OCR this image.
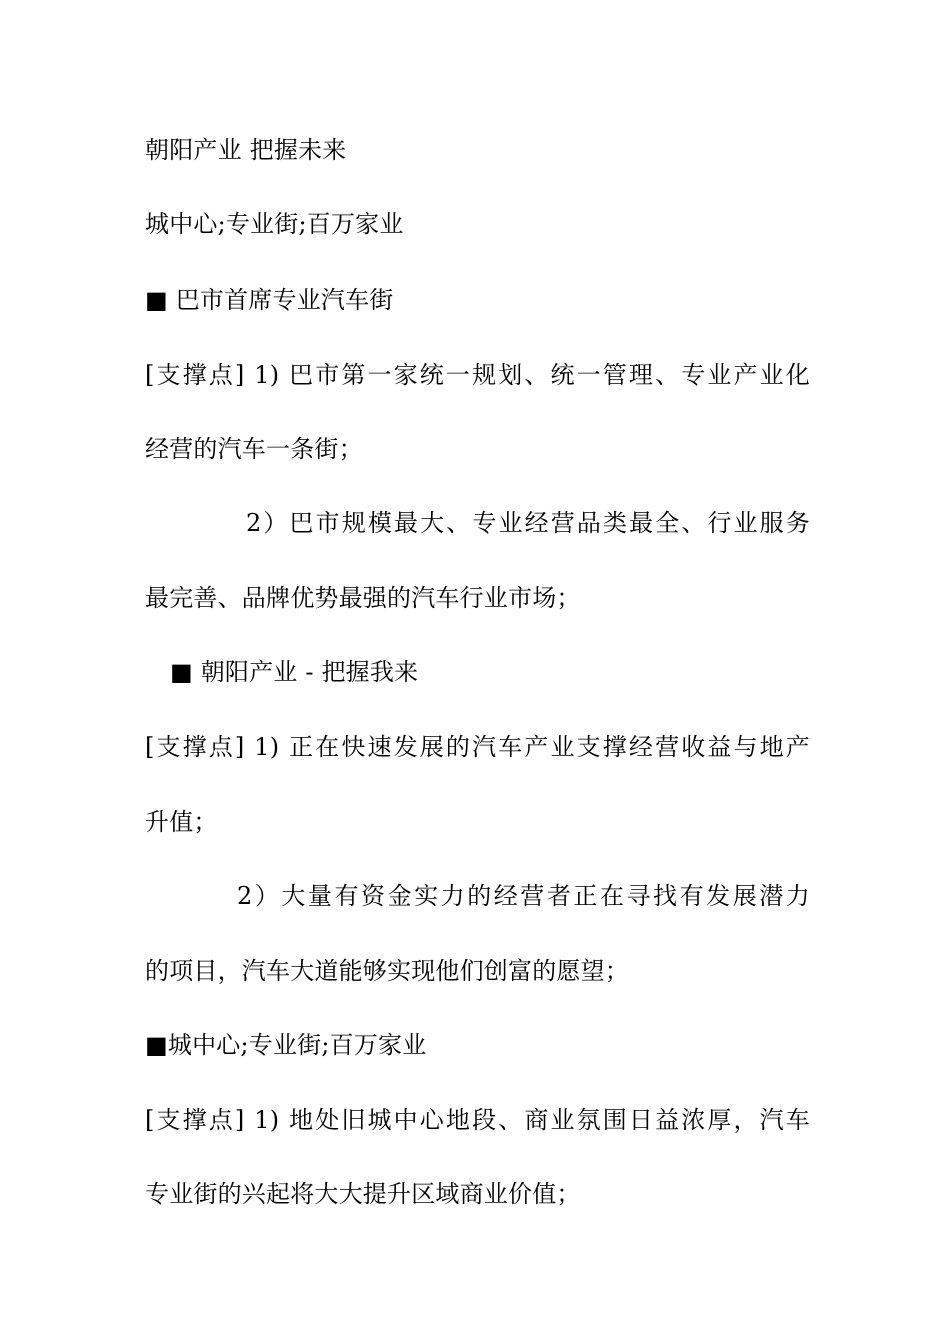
朝阳产业 把握未来
城中心;专业街;百万家业
■ 巴市首席专业汽车街
[支撑点] 1) 巴市第一家统一规划、统一管理、专业产业化
经营的汽车一条街；
2）巴市规模最大、专业经营品类最全、行业服务
最完善、品牌优势最强的汽车行业市场；
■ 朝阳产业 - 把握我来
[支撑点] 1) 正在快速发展的汽车产业支撑经营收益与地产
升值；
2）大量有资金实力的经营者正在寻找有发展潜力
的项目，汽车大道能够实现他们创富的愿望；
■城中心;专业街;百万家业
[支撑点] 1) 地处旧城中心地段、商业氛围日益浓厚，汽车
专业街的兴起将大大提升区域商业价值；
